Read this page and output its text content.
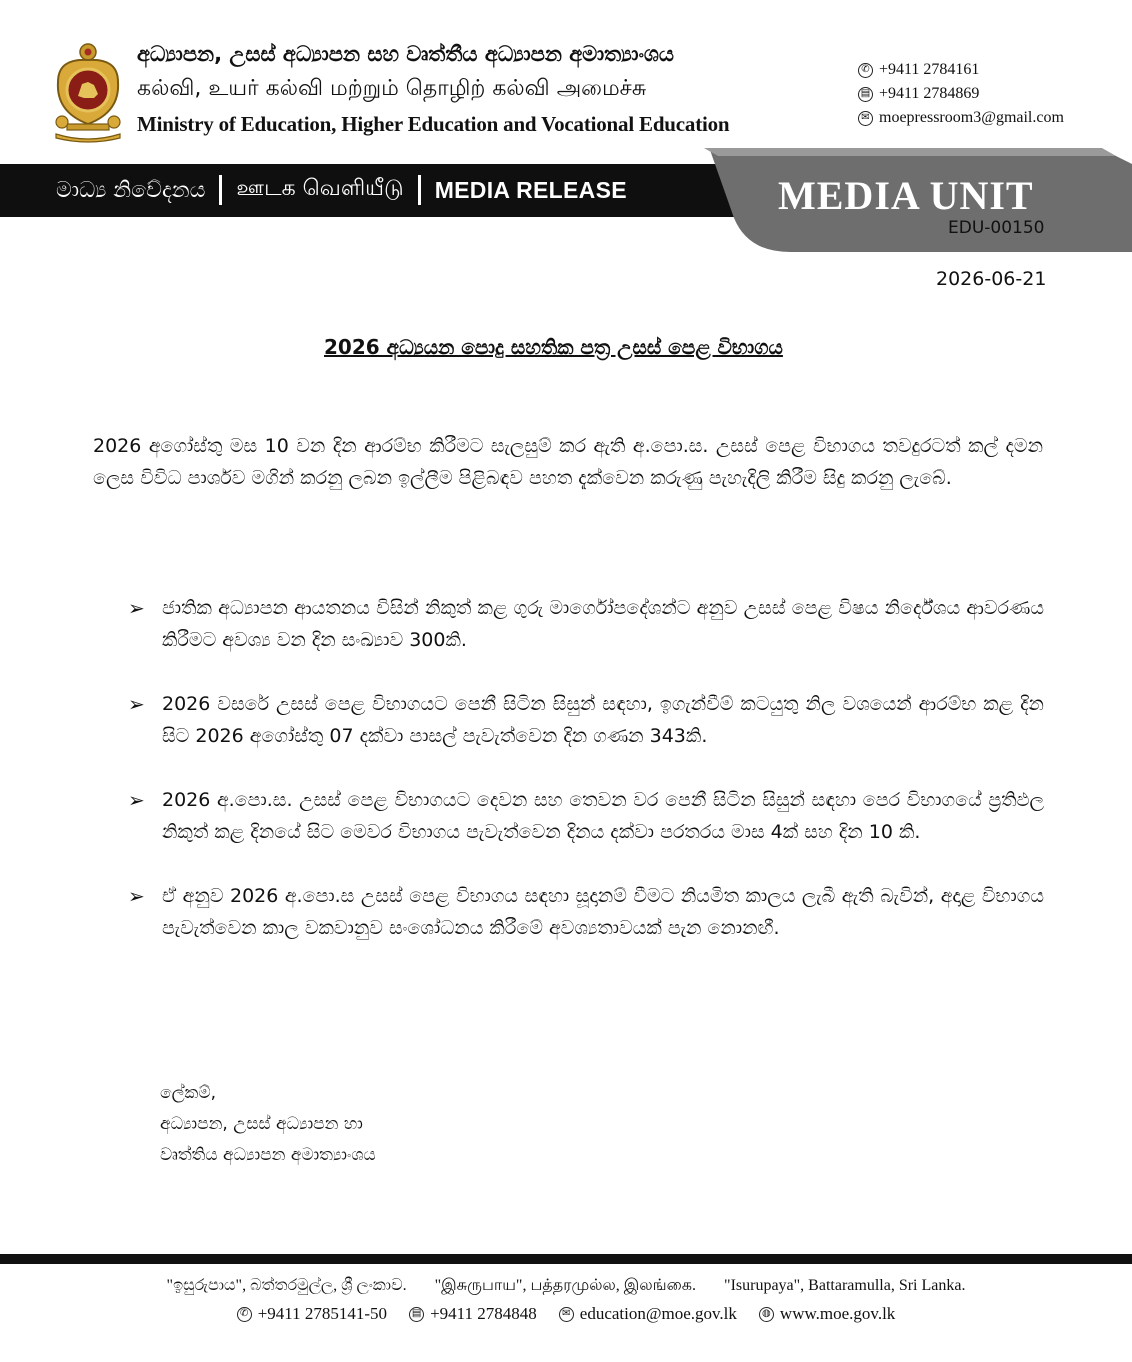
අධ්‍යාපන, උසස් අධ්‍යාපන සහ වෘත්තීය අධ්‍යාපන අමාත්‍යාංශය
கல்வி, உயர் கல்வி மற்றும் தொழிற் கல்வி அமைச்சு
Ministry of Education, Higher Education and Vocational Education
✆ +9411 2784161
▤ +9411 2784869
✉ moepressroom3@gmail.com
මාධ්‍ය නිවේදනය ஊடக வெளியீடு MEDIA RELEASE	MEDIA UNIT
EDU-00150
2026-06-21
2026 අධ්‍යයන පොදු සහතික පත්‍ර උසස් පෙළ විභාගය
2026 අගෝස්තු මස 10 වන දින ආරම්භ කිරීමට සැලසුම් කර ඇති අ.පො.ස. උසස් පෙළ විභාගය තවදුරටත් කල් දමන ලෙස විවිධ පාර්ශව මගින් කරනු ලබන ඉල්ලීම පිළිබඳව පහත දැක්වෙන කරුණු පැහැදිලි කිරීම සිදු කරනු ලැබේ.
➢ ජාතික අධ්‍යාපන ආයතනය විසින් නිකුත් කළ ගුරු මාර්ගෝපදේශන්ට අනුව උසස් පෙළ විෂය නිර්දේශය ආවරණය කිරීමට අවශ්‍ය වන දින සංඛ්‍යාව 300කි.
➢ 2026 වසරේ උසස් පෙළ විභාගයට පෙනී සිටින සිසුන් සඳහා, ඉගැන්වීම් කටයුතු නිල වශයෙන් ආරම්භ කළ දින සිට 2026 අගෝස්තු 07 දක්වා පාසල් පැවැත්වෙන දින ගණන 343කි.
➢ 2026 අ.පො.ස. උසස් පෙළ විභාගයට දෙවන සහ තෙවන වර පෙනී සිටින සිසුන් සඳහා පෙර විභාගයේ ප්‍රතිඵල නිකුත් කළ දිනයේ සිට මෙවර විභාගය පැවැත්වෙන දිනය දක්වා පරතරය මාස 4ක් සහ දින 10 කි.
➢ ඒ අනුව 2026 අ.පො.ස උසස් පෙළ විභාගය සඳහා සූදානම් වීමට නියමිත කාලය ලැබී ඇති බැවින්, අදාළ විභාගය පැවැත්වෙන කාල වකවානුව සංශෝධනය කිරීමේ අවශ්‍යතාවයක් පැන නොනඟී.
ලේකම්,
අධ්‍යාපන, උසස් අධ්‍යාපන හා
වෘත්තිය අධ්‍යාපන අමාත්‍යාංශය
"ඉසුරුපාය", බත්තරමුල්ල, ශ්‍රී ලංකාව. "இசுருபாய", பத்தரமுல்ல, இலங்கை. "Isurupaya", Battaramulla, Sri Lanka.
✆ +9411 2785141-50 ▤ +9411 2784848	✉ education@moe.gov.lk	◍ www.moe.gov.lk
